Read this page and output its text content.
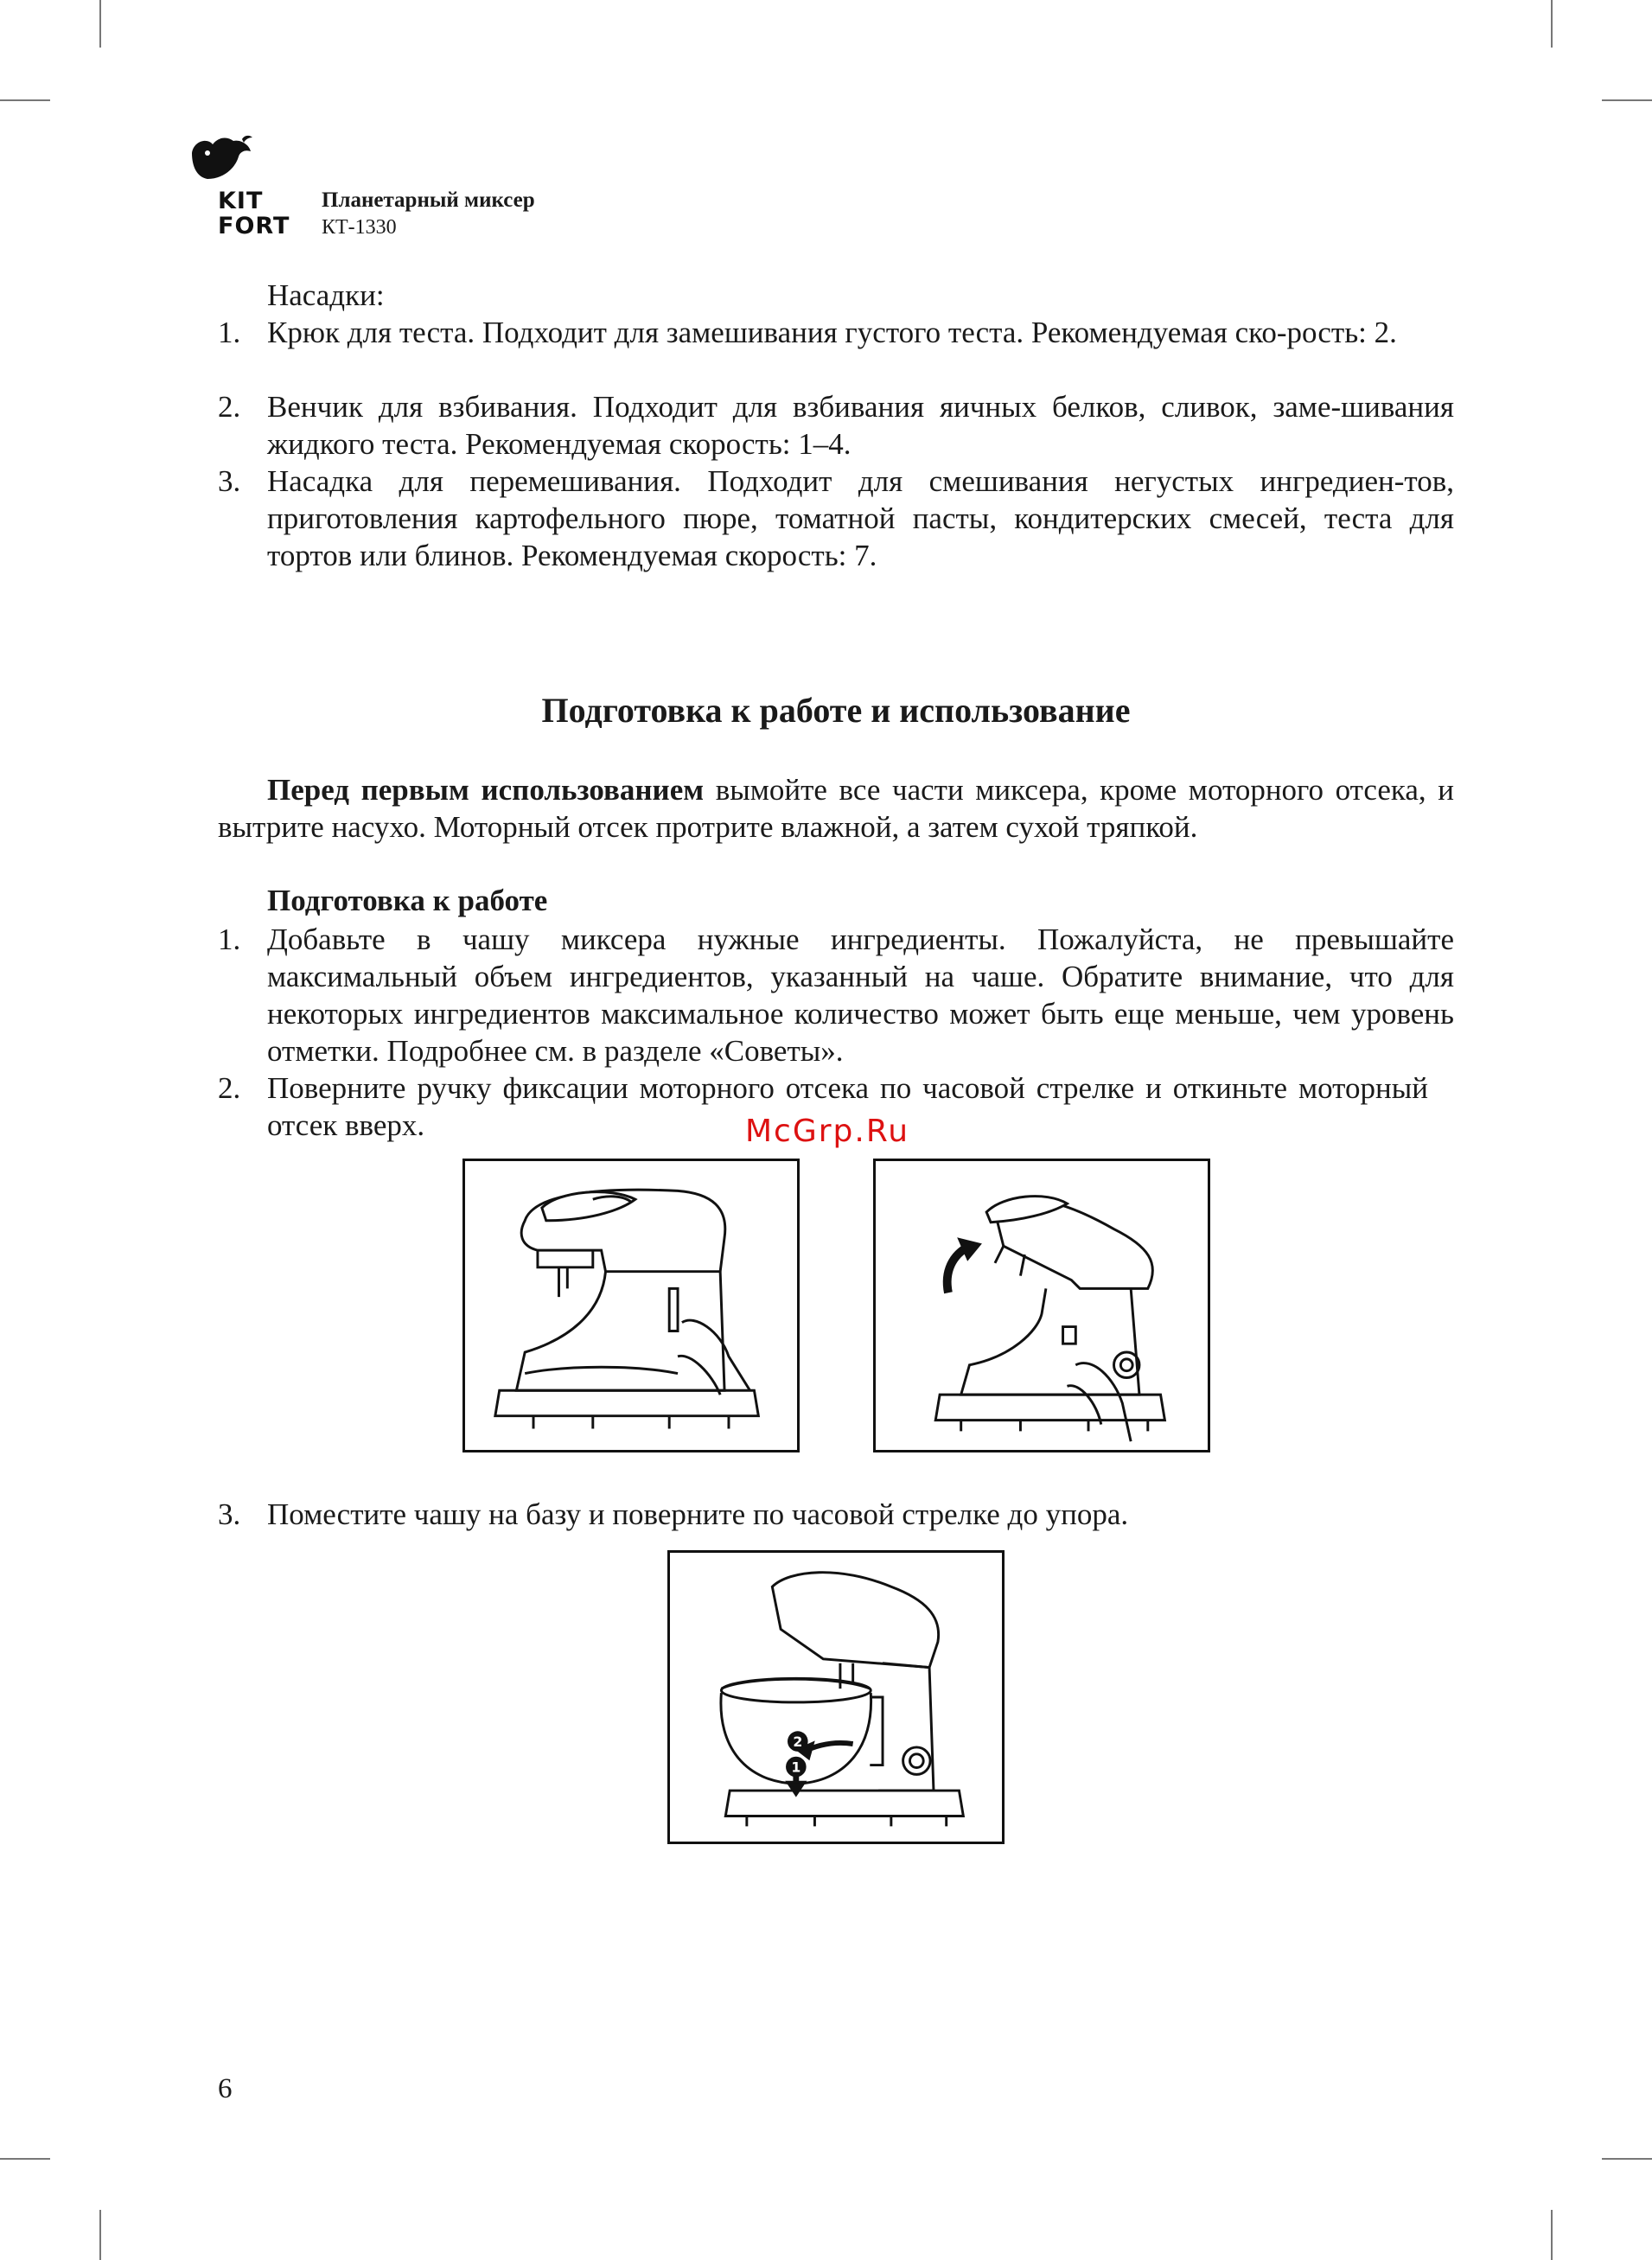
KIT
FORT
Планетарный миксер
КТ-1330
Насадки:
1. Крюк для теста. Подходит для замешивания густого теста. Рекомендуемая ско-рость: 2.
2. Венчик для взбивания. Подходит для взбивания яичных белков, сливок, заме-шивания жидкого теста. Рекомендуемая скорость: 1–4.
3. Насадка для перемешивания. Подходит для смешивания негустых ингредиен-тов, приготовления картофельного пюре, томатной пасты, кондитерских смесей, теста для тортов или блинов. Рекомендуемая скорость: 7.
Подготовка к работе и использование
Перед первым использованием вымойте все части миксера, кроме моторного отсека, и вытрите насухо. Моторный отсек протрите влажной, а затем сухой тряпкой.
Подготовка к работе
1. Добавьте в чашу миксера нужные ингредиенты. Пожалуйста, не превышайте максимальный объем ингредиентов, указанный на чаше. Обратите внимание, что для некоторых ингредиентов максимальное количество может быть еще меньше, чем уровень отметки. Подробнее см. в разделе «Советы».
2. Поверните ручку фиксации моторного отсека по часовой стрелке и откиньте моторный отсек вверх.	McGrp.Ru
3. Поместите чашу на базу и поверните по часовой стрелке до упора.
2
1
6
